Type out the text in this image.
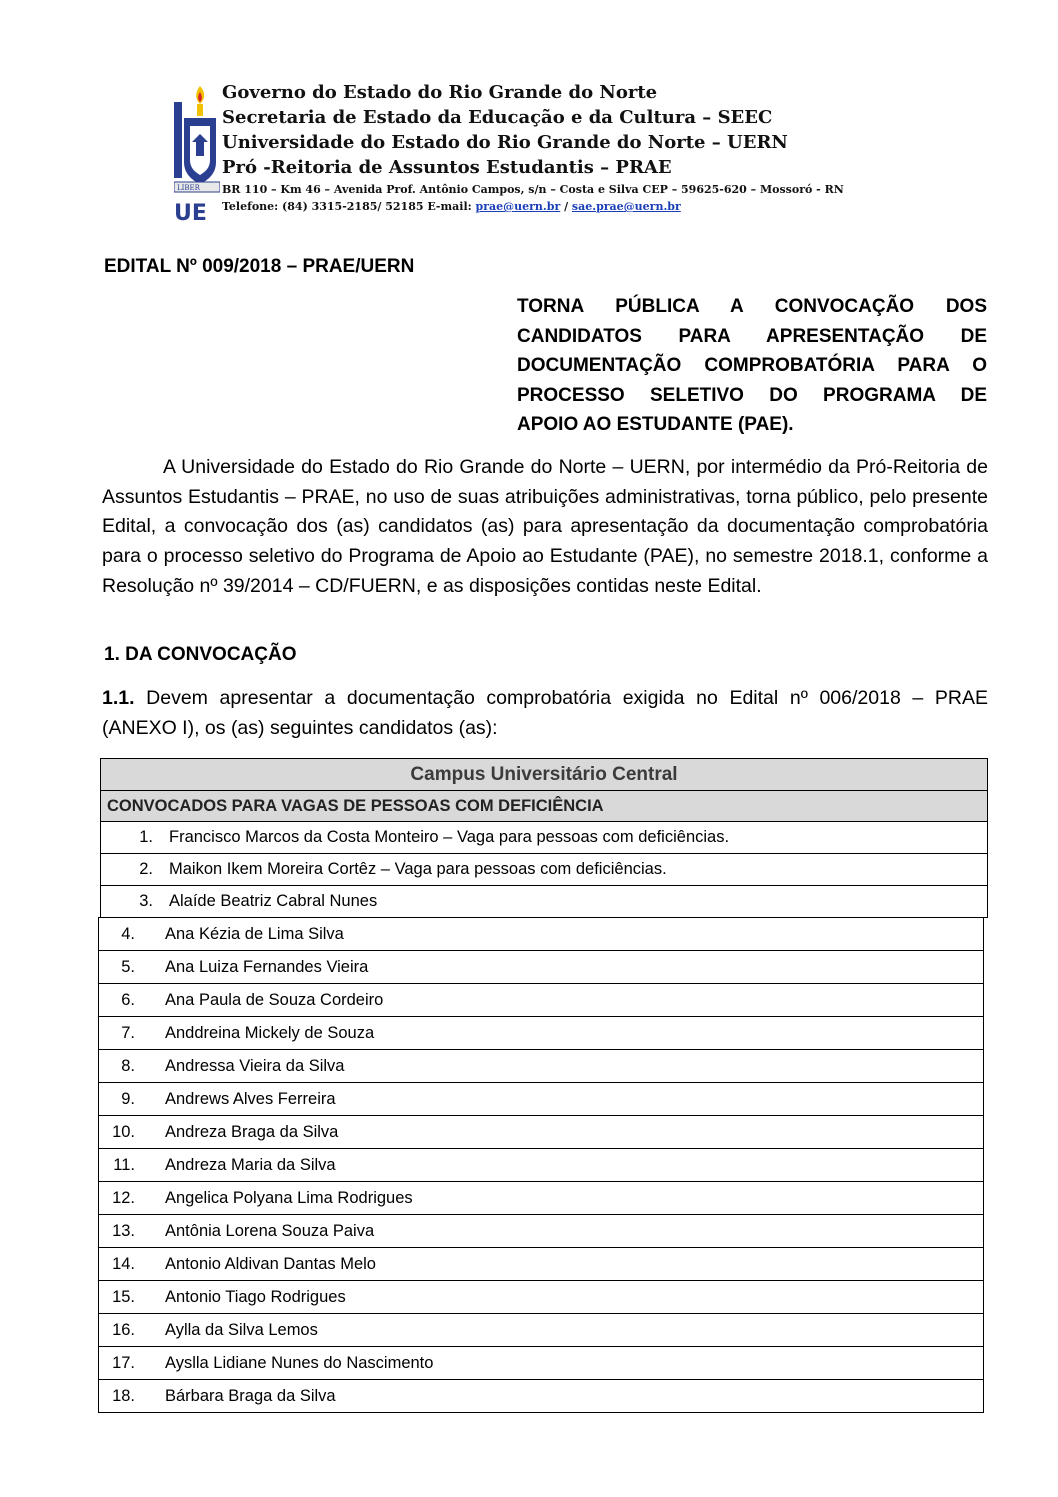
LIBER
UE
Governo do Estado do Rio Grande do Norte
Secretaria de Estado da Educação e da Cultura – SEEC
Universidade do Estado do Rio Grande do Norte – UERN
Pró -Reitoria de Assuntos Estudantis – PRAE
BR 110 – Km 46 – Avenida Prof. Antônio Campos, s/n – Costa e Silva CEP – 59625-620 – Mossoró - RN
Telefone: (84) 3315-2185/ 52185 E-mail: prae@uern.br / sae.prae@uern.br
EDITAL Nº 009/2018 – PRAE/UERN
TORNA PÚBLICA A CONVOCAÇÃO DOS
CANDIDATOS PARA APRESENTAÇÃO DE
DOCUMENTAÇÃO COMPROBATÓRIA PARA O
PROCESSO SELETIVO DO PROGRAMA DE
APOIO AO ESTUDANTE (PAE).

A Universidade do Estado do Rio Grande do Norte – UERN, por intermédio da Pró-Reitoria de Assuntos Estudantis – PRAE, no uso de suas atribuições administrativas, torna público, pelo presente Edital, a convocação dos (as) candidatos (as) para apresentação da documentação comprobatória para o processo seletivo do Programa de Apoio ao Estudante (PAE), no semestre 2018.1, conforme a Resolução nº 39/2014 – CD/FUERN, e as disposições contidas neste Edital.

1. DA CONVOCAÇÃO
1.1. Devem apresentar a documentação comprobatória exigida no Edital nº 006/2018 – PRAE (ANEXO I), os (as) seguintes candidatos (as):
Campus Universitário Central
CONVOCADOS PARA VAGAS DE PESSOAS COM DEFICIÊNCIA
1. Francisco Marcos da Costa Monteiro – Vaga para pessoas com deficiências.
2. Maikon Ikem Moreira Cortêz – Vaga para pessoas com deficiências.
3. Alaíde Beatriz Cabral Nunes
4. Ana Kézia de Lima Silva
5. Ana Luiza Fernandes Vieira
6. Ana Paula de Souza Cordeiro
7. Anddreina Mickely de Souza
8. Andressa Vieira da Silva
9. Andrews Alves Ferreira
10. Andreza Braga da Silva
11. Andreza Maria da Silva
12. Angelica Polyana Lima Rodrigues
13. Antônia Lorena Souza Paiva
14. Antonio Aldivan Dantas Melo
15. Antonio Tiago Rodrigues
16. Aylla da Silva Lemos
17. Ayslla Lidiane Nunes do Nascimento
18. Bárbara Braga da Silva
